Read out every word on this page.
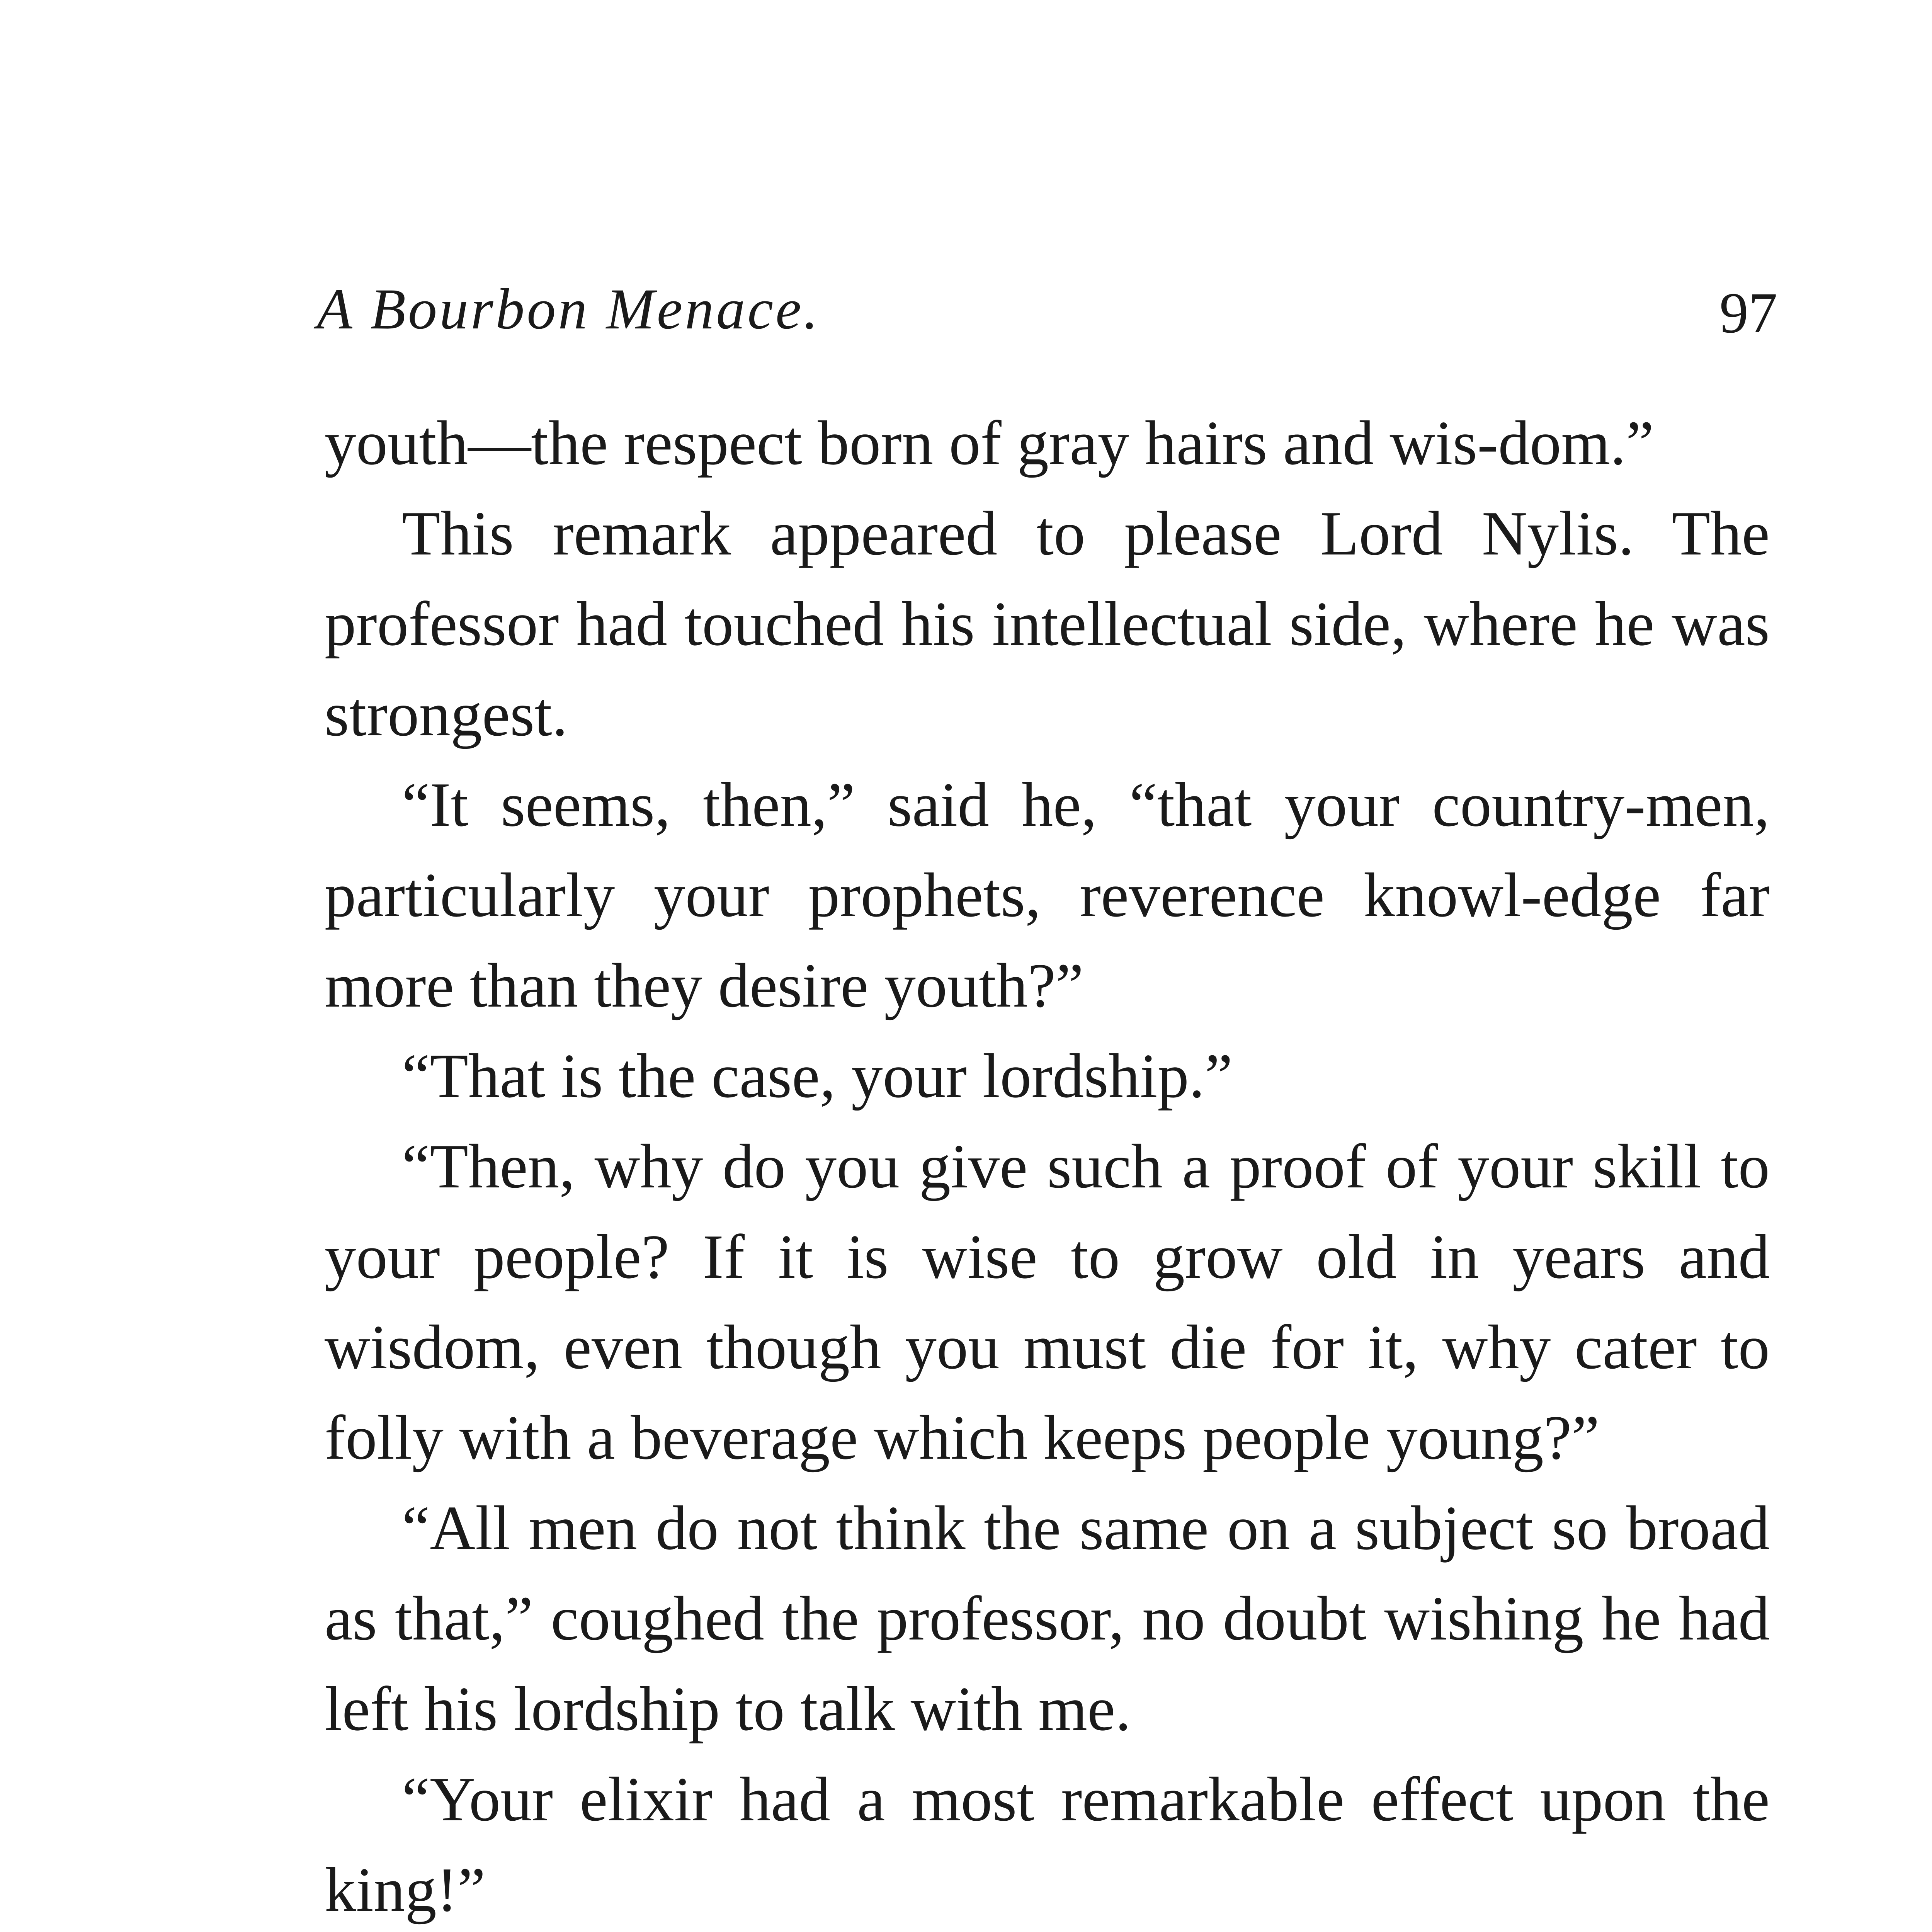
A Bourbon Menace.	97

youth—the respect born of gray hairs and wis-dom.”

This remark appeared to please Lord Nylis. The professor had touched his intellectual side, where he was strongest.

“It seems, then,” said he, “that your country-men, particularly your prophets, reverence knowl-edge far more than they desire youth?”

“That is the case, your lordship.”

“Then, why do you give such a proof of your skill to your people? If it is wise to grow old in years and wisdom, even though you must die for it, why cater to folly with a beverage which keeps people young?”

“All men do not think the same on a subject so broad as that,” coughed the professor, no doubt wishing he had left his lordship to talk with me.

“Your elixir had a most remarkable effect upon the king!”
